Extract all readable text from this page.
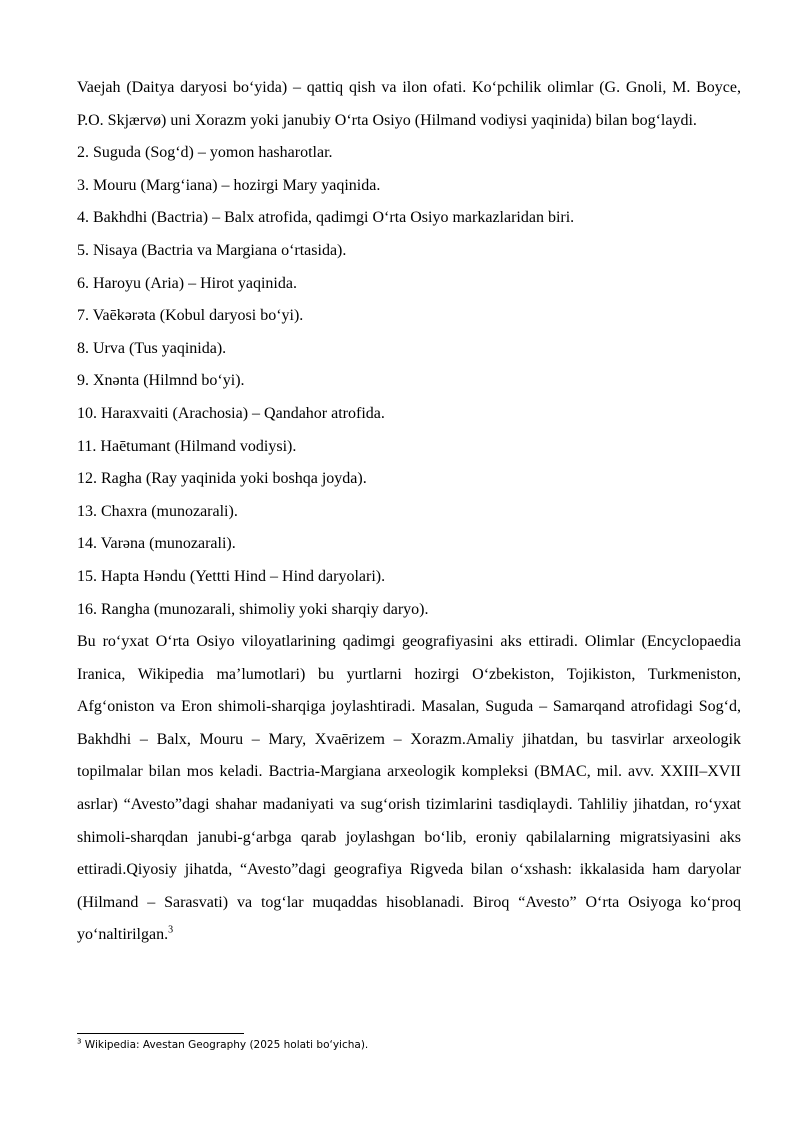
Vaejah (Daitya daryosi bo‘yida) – qattiq qish va ilon ofati. Ko‘pchilik olimlar (G. Gnoli, M. Boyce, P.O. Skjærvø) uni Xorazm yoki janubiy O‘rta Osiyo (Hilmand vodiysi yaqinida) bilan bog‘laydi.

2. Suguda (Sog‘d) – yomon hasharotlar.

3. Mouru (Marg‘iana) – hozirgi Mary yaqinida.

4. Bakhdhi (Bactria) – Balx atrofida, qadimgi O‘rta Osiyo markazlaridan biri.

5. Nisaya (Bactria va Margiana o‘rtasida).

6. Haroyu (Aria) – Hirot yaqinida.

7. Vaēkərəta (Kobul daryosi bo‘yi).

8. Urva (Tus yaqinida).

9. Xnənta (Hilmnd bo‘yi).

10. Haraxvaiti (Arachosia) – Qandahor atrofida.

11. Haētumant (Hilmand vodiysi).

12. Ragha (Ray yaqinida yoki boshqa joyda).

13. Chaxra (munozarali).

14. Varəna (munozarali).

15. Hapta Həndu (Yettti Hind – Hind daryolari).

16. Rangha (munozarali, shimoliy yoki sharqiy daryo).

Bu ro‘yxat O‘rta Osiyo viloyatlarining qadimgi geografiyasini aks ettiradi. Olimlar (Encyclopaedia Iranica, Wikipedia ma’lumotlari) bu yurtlarni hozirgi O‘zbekiston, Tojikiston, Turkmeniston, Afg‘oniston va Eron shimoli-sharqiga joylashtiradi. Masalan, Suguda – Samarqand atrofidagi Sog‘d, Bakhdhi – Balx, Mouru – Mary, Xvaērizem – Xorazm.Amaliy jihatdan, bu tasvirlar arxeologik topilmalar bilan mos keladi. Bactria-Margiana arxeologik kompleksi (BMAC, mil. avv. XXIII–XVII asrlar) “Avesto”dagi shahar madaniyati va sug‘orish tizimlarini tasdiqlaydi. Tahliliy jihatdan, ro‘yxat shimoli-sharqdan janubi-g‘arbga qarab joylashgan bo‘lib, eroniy qabilalarning migratsiyasini aks ettiradi.Qiyosiy jihatda, “Avesto”dagi geografiya Rigveda bilan o‘xshash: ikkalasida ham daryolar (Hilmand – Sarasvati) va tog‘lar muqaddas hisoblanadi. Biroq “Avesto” O‘rta Osiyoga ko‘proq yo‘naltirilgan.$^3$

$^3$ Wikipedia: Avestan Geography (2025 holati bo‘yicha).
